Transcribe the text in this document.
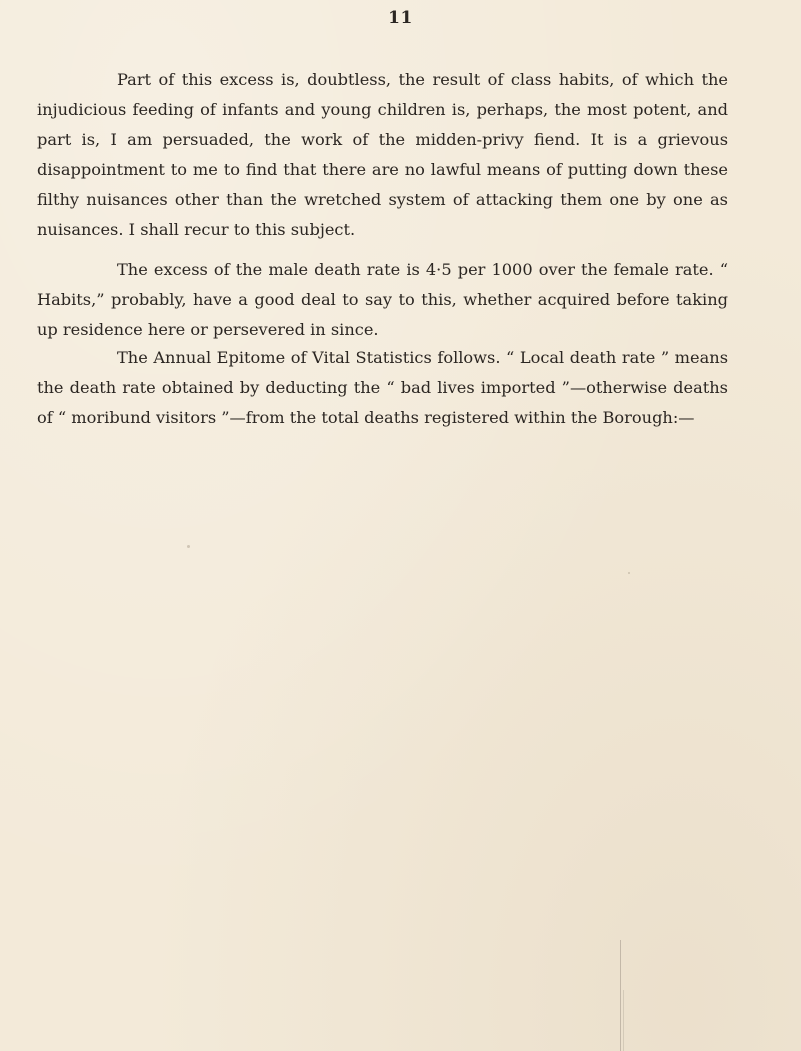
11

Part of this excess is, doubtless, the result of class habits, of which the injudicious feeding of infants and young children is, perhaps, the most potent, and part is, I am persuaded, the work of the midden-privy fiend. It is a grievous disappointment to me to find that there are no lawful means of putting down these filthy nuisances other than the wretched system of attacking them one by one as nuisances. I shall recur to this subject.

The excess of the male death rate is 4·5 per 1000 over the female rate. “ Habits,” probably, have a good deal to say to this, whether acquired before taking up residence here or persevered in since.

The Annual Epitome of Vital Statistics follows. “ Local death rate ” means the death rate obtained by deducting the “ bad lives imported ”—otherwise deaths of “ moribund visitors ”—from the total deaths registered within the Borough:—
